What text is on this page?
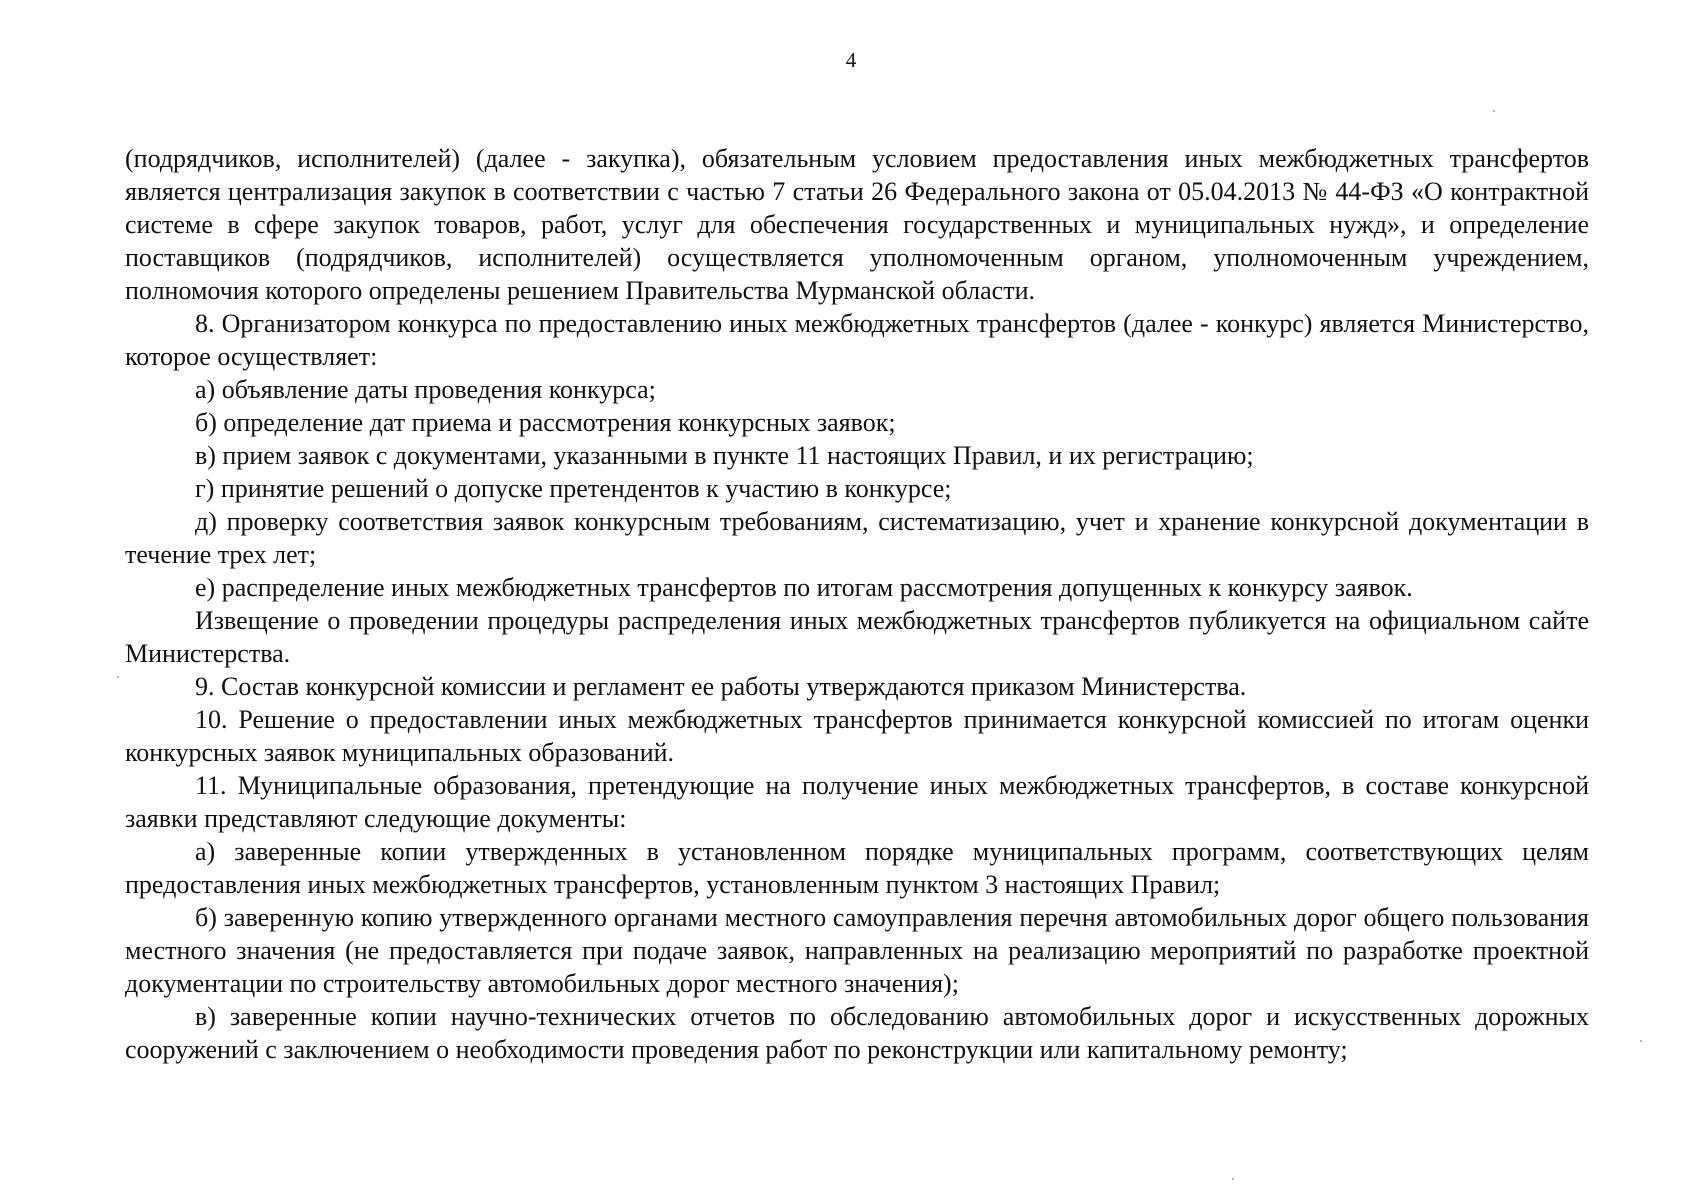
4

(подрядчиков, исполнителей) (далее - закупка), обязательным условием предоставления иных межбюджетных трансфертов является централизация закупок в соответствии с частью 7 статьи 26 Федерального закона от 05.04.2013 № 44-ФЗ «О контрактной системе в сфере закупок товаров, работ, услуг для обеспечения государственных и муниципальных нужд», и определение поставщиков (подрядчиков, исполнителей) осуществляется уполномоченным органом, уполномоченным учреждением, полномочия которого определены решением Правительства Мурманской области.

8. Организатором конкурса по предоставлению иных межбюджетных трансфертов (далее - конкурс) является Министерство, которое осуществляет:

а) объявление даты проведения конкурса;

б) определение дат приема и рассмотрения конкурсных заявок;

в) прием заявок с документами, указанными в пункте 11 настоящих Правил, и их регистрацию;

г) принятие решений о допуске претендентов к участию в конкурсе;

д) проверку соответствия заявок конкурсным требованиям, систематизацию, учет и хранение конкурсной документации в течение трех лет;

е) распределение иных межбюджетных трансфертов по итогам рассмотрения допущенных к конкурсу заявок.

Извещение о проведении процедуры распределения иных межбюджетных трансфертов публикуется на официальном сайте Министерства.

9. Состав конкурсной комиссии и регламент ее работы утверждаются приказом Министерства.

10. Решение о предоставлении иных межбюджетных трансфертов принимается конкурсной комиссией по итогам оценки конкурсных заявок муниципальных образований.

11. Муниципальные образования, претендующие на получение иных межбюджетных трансфертов, в составе конкурсной заявки представляют следующие документы:

а) заверенные копии утвержденных в установленном порядке муниципальных программ, соответствующих целям предоставления иных межбюджетных трансфертов, установленным пунктом 3 настоящих Правил;

б) заверенную копию утвержденного органами местного самоуправления перечня автомобильных дорог общего пользования местного значения (не предоставляется при подаче заявок, направленных на реализацию мероприятий по разработке проектной документации по строительству автомобильных дорог местного значения);

в) заверенные копии научно-технических отчетов по обследованию автомобильных дорог и искусственных дорожных сооружений с заключением о необходимости проведения работ по реконструкции или капитальному ремонту;
